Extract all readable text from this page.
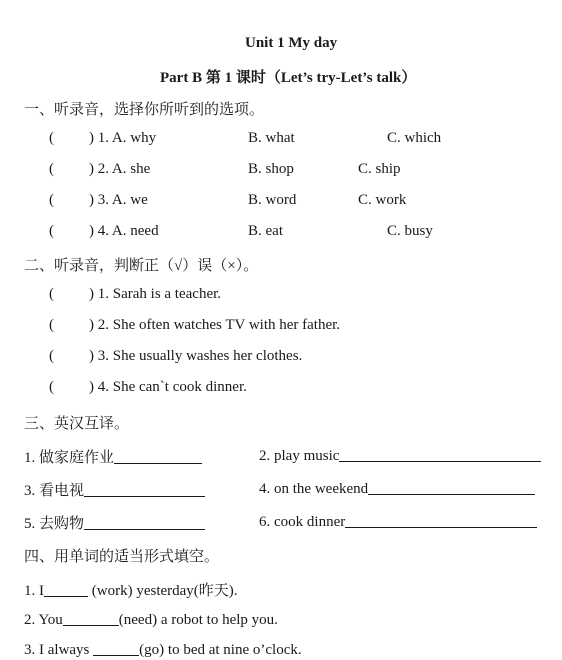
Unit 1 My day
Part B 第 1 课时（Let’s try-Let’s talk）
一、听录音，选择你所听到的选项。
( ) 1. A. why	B. what	C. which
( ) 2. A. she	B. shop	C. ship
( ) 3. A. we	B. word	C. work
( ) 4. A. need	B. eat	C. busy
二、听录音，判断正（√）误（×）。
( ) 1. Sarah is a teacher.
( ) 2. She often watches TV with her father.
( ) 3. She usually washes her clothes.
( ) 4. She can`t cook dinner.
三、英汉互译。
1. 做家庭作业	2. play music
3. 看电视	4. on the weekend
5. 去购物	6. cook dinner
四、用单词的适当形式填空。
1. I	(work) yesterday(昨天).
2. You	(need) a robot to help you.
3. I always	(go) to bed at nine o’clock.
